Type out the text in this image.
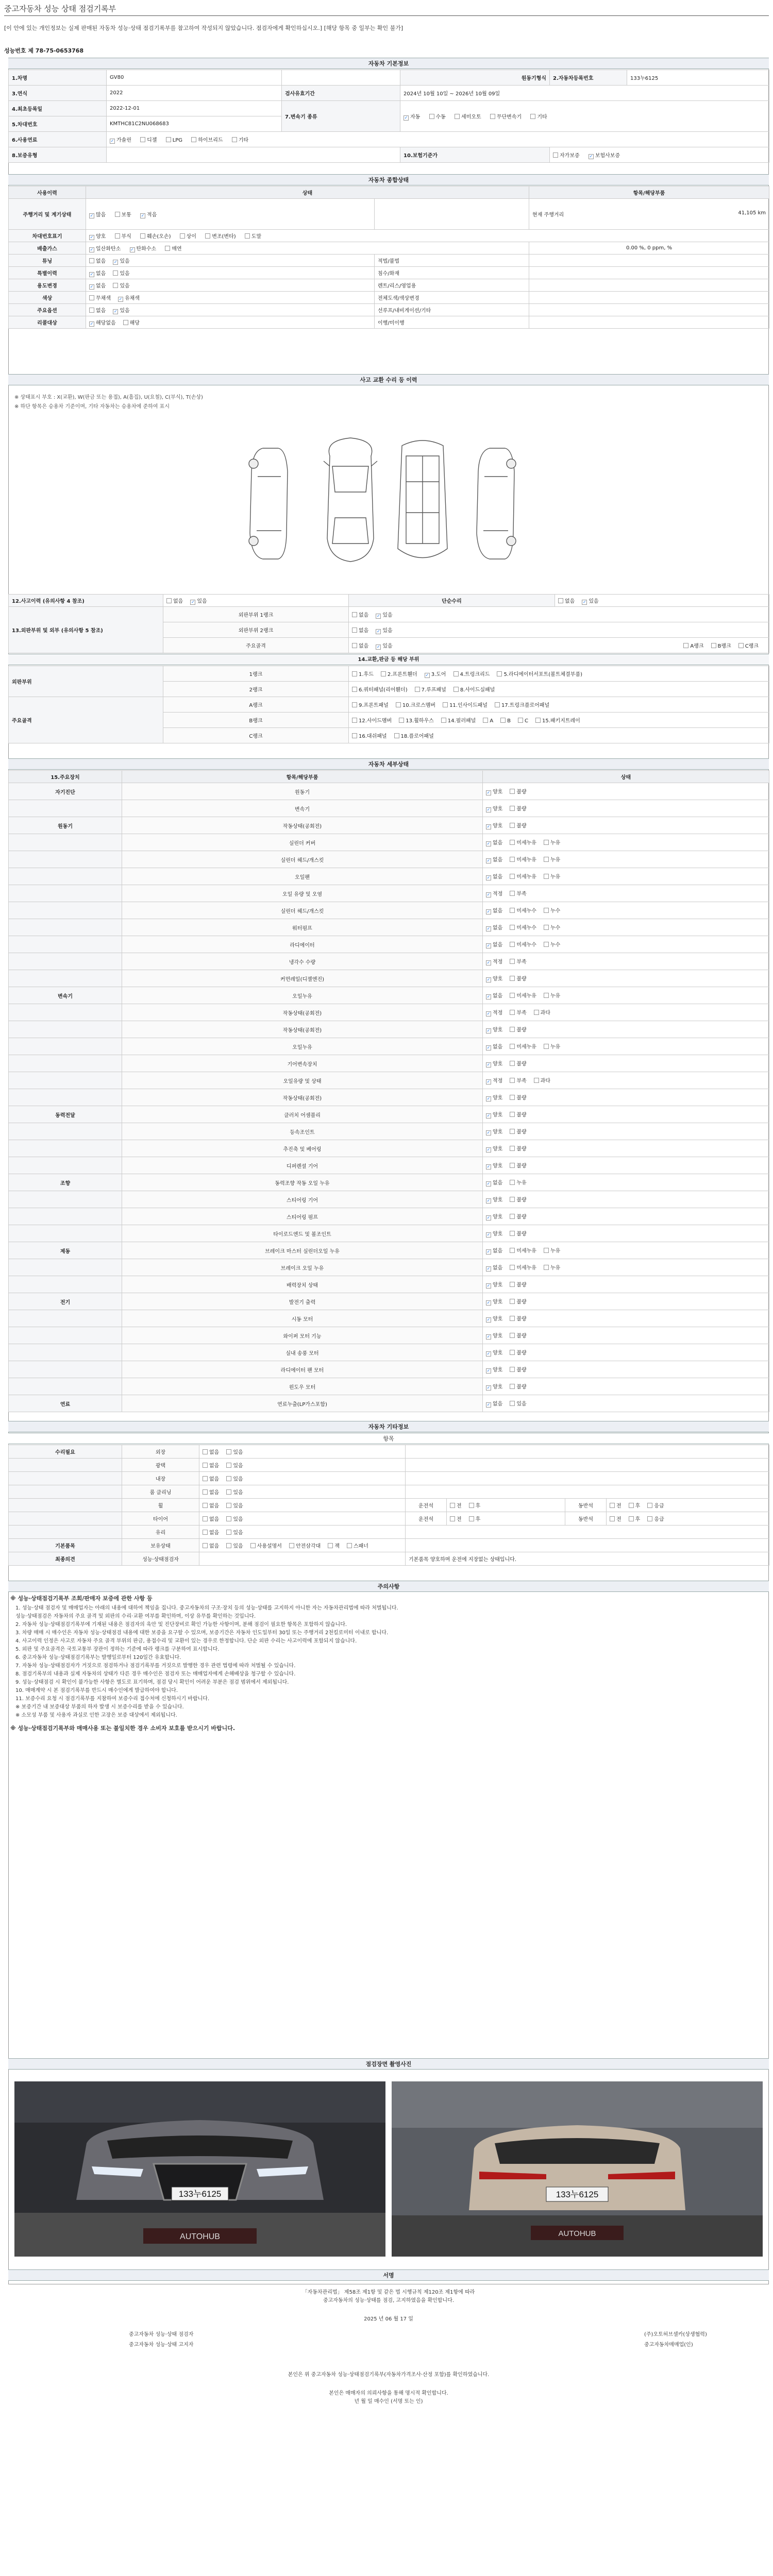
중고자동차 성능 상태 점검기록부
[이 안에 있는 개인정보는 실제 판매된 자동차 성능·상태 점검기록부를 참고하여 작성되지 않았습니다. 점검자에게 확인하십시오.] [해당 항목 중 일부는 확인 불가]
성능번호 제 78-75-0653768
자동차 기본정보
1.차명	GV80		원동기형식	2.자동차등록번호	133누6125
3.연식	2022	검사유효기간	2024년 10월 10일 ~ 2026년 10월 09일		
4.최초등록일	2022-12-01	7.변속기 종류	✓ 자동 수동 세미오토 무단변속기 기타		
5.차대번호	KMTHC81C2NU068683				
6.사용연료	✓ 가솔린 디젤 LPG 하이브리드 기타				
8.보증유형			10.보험기준가	자가보증 ✓ 보험사보증	
자동차 종합상태
사용이력	상태		항목/해당부품
주행거리 및 계기상태	✓ 많음 보통 ✓ 적음		현재 주행거리 41,105 km

차대번호표기	✓ 양호 부식 훼손(오손) 상이 변조(변타) 도말		
배출가스	✓ 일산화탄소 ✓ 탄화수소 매연		0.00 %, 0 ppm, %
튜닝	없음 ✓ 있음	적법/불법	
특별이력	✓ 없음 있음	침수/화재	
용도변경	✓ 없음 있음	렌트/리스/영업용	
색상	무채색 ✓ 유채색	전체도색/색상변경	
주요옵션	없음 ✓ 있음	선루프/내비게이션/기타	
리콜대상	✓ 해당없음 해당	이행/미이행	
사고 교환 수리 등 이력
※ 상태표시 부호 : X(교환), W(판금 또는 용접), A(흠집), U(요철), C(부식), T(손상)
※ 하단 항목은 승용차 기준이며, 기타 자동차는 승용차에 준하여 표시
12.사고이력 (유의사항 4 참조)	없음 ✓ 있음	단순수리	없음 ✓ 있음
13.외판부위 및 외부 (유의사항 5 참조)	외판부위 1랭크	없음 ✓ 있음
	외판부위 2랭크	없음 ✓ 있음
	주요골격	없음 ✓ 있음 A랭크 B랭크 C랭크
14.교환,판금 등 해당 부위
외판부위	1랭크	1.후드 2.프론트휀더 ✓ 3.도어 4.트렁크리드 5.라디에이터서포트(볼트체결부품)
	2랭크	6.쿼터패널(리어휀더) 7.루프패널 8.사이드실패널
주요골격	A랭크	9.프론트패널 10.크로스멤버 11.인사이드패널 17.트렁크플로어패널
	B랭크	12.사이드멤버 13.휠하우스 14.필러패널 A B C 15.패키지트레이
	C랭크	16.대쉬패널 18.플로어패널
자동차 세부상태
15.주요장치	항목/해당부품	상태
자기진단	원동기	✓ 양호 불량
	변속기	✓ 양호 불량
원동기	작동상태(공회전)	✓ 양호 불량
	실린더 커버	✓ 없음 미세누유 누유
	실린더 헤드/개스킷	✓ 없음 미세누유 누유
	오일팬	✓ 없음 미세누유 누유
	오일 유량 및 오염	✓ 적정 부족
	실린더 헤드/개스킷	✓ 없음 미세누수 누수
	워터펌프	✓ 없음 미세누수 누수
	라디에이터	✓ 없음 미세누수 누수
	냉각수 수량	✓ 적정 부족
	커먼레일(디젤엔진)	✓ 양호 불량
변속기	오일누유	✓ 없음 미세누유 누유
	작동상태(공회전)	✓ 적정 부족 과다
	작동상태(공회전)	✓ 양호 불량
	오일누유	✓ 없음 미세누유 누유
	기어변속장치	✓ 양호 불량
	오일유량 및 상태	✓ 적정 부족 과다
	작동상태(공회전)	✓ 양호 불량
동력전달	클러치 어셈블리	✓ 양호 불량
	등속조인트	✓ 양호 불량
	추진축 및 베어링	✓ 양호 불량
	디퍼렌셜 기어	✓ 양호 불량
조향	동력조향 작동 오일 누유	✓ 없음 누유
	스티어링 기어	✓ 양호 불량
	스티어링 펌프	✓ 양호 불량
	타이로드엔드 및 볼조인트	✓ 양호 불량
제동	브레이크 마스터 실린더오일 누유	✓ 없음 미세누유 누유
	브레이크 오일 누유	✓ 없음 미세누유 누유
	배력장치 상태	✓ 양호 불량
전기	발전기 출력	✓ 양호 불량
	시동 모터	✓ 양호 불량
	와이퍼 모터 기능	✓ 양호 불량
	실내 송풍 모터	✓ 양호 불량
	라디에이터 팬 모터	✓ 양호 불량
	윈도우 모터	✓ 양호 불량
연료	연료누출(LP가스포함)	✓ 없음 있음
자동차 기타정보
항목
수리필요	외장	없음 있음				
	광택	없음 있음				
	내장	없음 있음				
	룸 클리닝	없음 있음				
	휠	없음 있음	운전석	전 후	동반석	전 후 응급
	타이어	없음 있음	운전석	전 후	동반석	전 후 응급
	유리	없음 있음				
기본품목	보유상태	없음 있음 사용설명서 안전삼각대 잭 스패너				
최종의견	성능·상태점검자		기본품목 양호하며 운전에 지장없는 상태입니다.			
주의사항
※ 성능·상태점검기록부 조회/판매자 보증에 관한 사항 등

1. 성능·상태 점검자 및 매매업자는 아래의 내용에 대하여 책임을 집니다. 중고자동차의 구조·장치 등의 성능·상태를 고지하지 아니한 자는 자동차관리법에 따라 처벌됩니다.

성능·상태점검은 자동차의 주요 골격 및 외판의 수리·교환 여부를 확인하며, 이상 유무를 확인하는 것입니다.

2. 자동차 성능·상태점검기록부에 기재된 내용은 점검자의 육안 및 진단장비로 확인 가능한 사항이며, 분해 점검이 필요한 항목은 포함하지 않습니다.

3. 차량 매매 시 매수인은 자동차 성능·상태점검 내용에 대한 보증을 요구할 수 있으며, 보증기간은 자동차 인도일부터 30일 또는 주행거리 2천킬로미터 이내로 합니다.

4. 사고이력 인정은 사고로 자동차 주요 골격 부위의 판금, 용접수리 및 교환이 있는 경우로 한정합니다. 단순 외판 수리는 사고이력에 포함되지 않습니다.

5. 외판 및 주요골격은 국토교통부 장관이 정하는 기준에 따라 랭크를 구분하여 표시합니다.

6. 중고자동차 성능·상태점검기록부는 발행일로부터 120일간 유효합니다.

7. 자동차 성능·상태점검자가 거짓으로 점검하거나 점검기록부를 거짓으로 발행한 경우 관련 법령에 따라 처벌될 수 있습니다.

8. 점검기록부의 내용과 실제 자동차의 상태가 다른 경우 매수인은 점검자 또는 매매업자에게 손해배상을 청구할 수 있습니다.

9. 성능·상태점검 시 확인이 불가능한 사항은 별도로 표기하며, 점검 당시 확인이 어려운 부분은 점검 범위에서 제외됩니다.

10. 매매계약 시 본 점검기록부를 반드시 매수인에게 발급하여야 합니다.

11. 보증수리 요청 시 점검기록부를 지참하여 보증수리 접수처에 신청하시기 바랍니다.

※ 보증기간 내 보증대상 부품의 하자 발생 시 보증수리를 받을 수 있습니다.

※ 소모성 부품 및 사용자 과실로 인한 고장은 보증 대상에서 제외됩니다.

※ 성능·상태점검기록부와 매매사용 또는 불일치한 경우 소비자 보호를 받으시기 바랍니다.
점검장면 촬영사진
133누6125
AUTOHUB
133누6125
AUTOHUB
서명
「자동차관리법」 제58조 제1항 및 같은 법 시행규칙 제120조 제1항에 따라
중고자동차의 성능·상태를 점검, 고지하였음을 확인합니다.
2025 년 06 월 17 일
중고자동차 성능·상태 점검자	(주)오토허브셀카(상생협력)
중고자동차 성능·상태 고지자	중고자동차매매업(인)
본인은 위 중고자동차 성능·상태점검기록부(자동차가격조사·산정 포함)를 확인하였습니다.
본인은 매매자의 의뢰사항을 통해 명시적 확인합니다.
년 월 일 매수인 (서명 또는 인)
